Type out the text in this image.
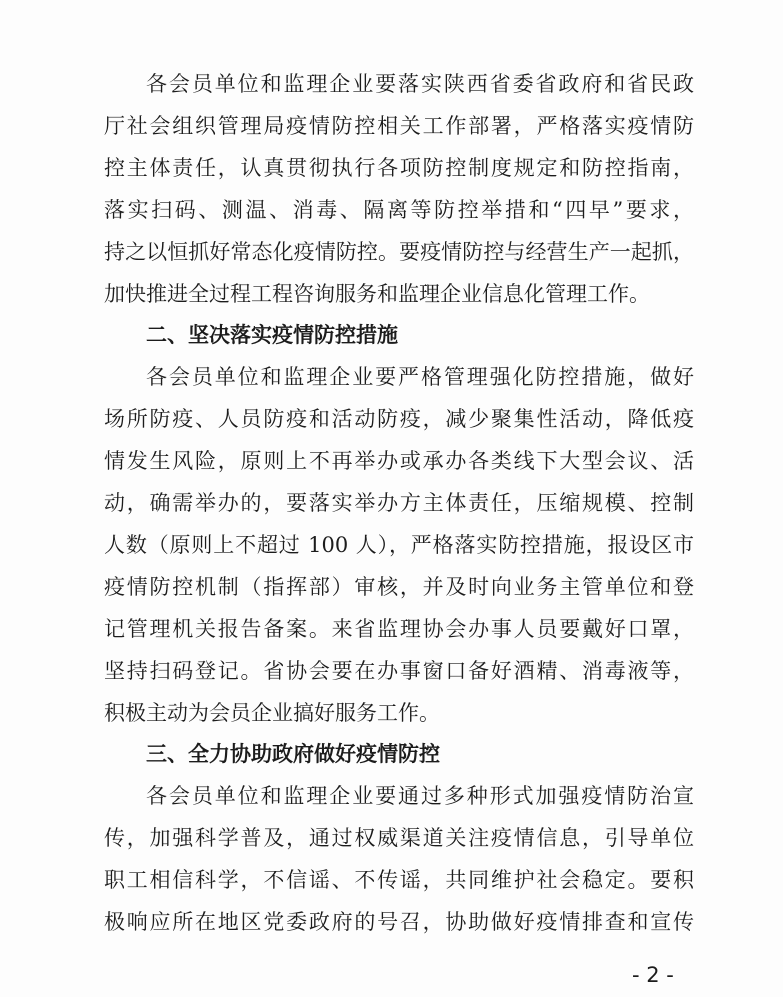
各会员单位和监理企业要落实陕西省委省政府和省民政
厅社会组织管理局疫情防控相关工作部署，严格落实疫情防
控主体责任，认真贯彻执行各项防控制度规定和防控指南，
落实扫码、测温、消毒、隔离等防控举措和“四早”要求，
持之以恒抓好常态化疫情防控。要疫情防控与经营生产一起抓，
加快推进全过程工程咨询服务和监理企业信息化管理工作。
二、坚决落实疫情防控措施
各会员单位和监理企业要严格管理强化防控措施，做好
场所防疫、人员防疫和活动防疫，减少聚集性活动，降低疫
情发生风险，原则上不再举办或承办各类线下大型会议、活
动，确需举办的，要落实举办方主体责任，压缩规模、控制
人数（原则上不超过 100 人），严格落实防控措施，报设区市
疫情防控机制（指挥部）审核，并及时向业务主管单位和登
记管理机关报告备案。来省监理协会办事人员要戴好口罩，
坚持扫码登记。省协会要在办事窗口备好酒精、消毒液等，
积极主动为会员企业搞好服务工作。
三、全力协助政府做好疫情防控
各会员单位和监理企业要通过多种形式加强疫情防治宣
传，加强科学普及，通过权威渠道关注疫情信息，引导单位
职工相信科学，不信谣、不传谣，共同维护社会稳定。要积
极响应所在地区党委政府的号召，协助做好疫情排查和宣传
- 2 -
